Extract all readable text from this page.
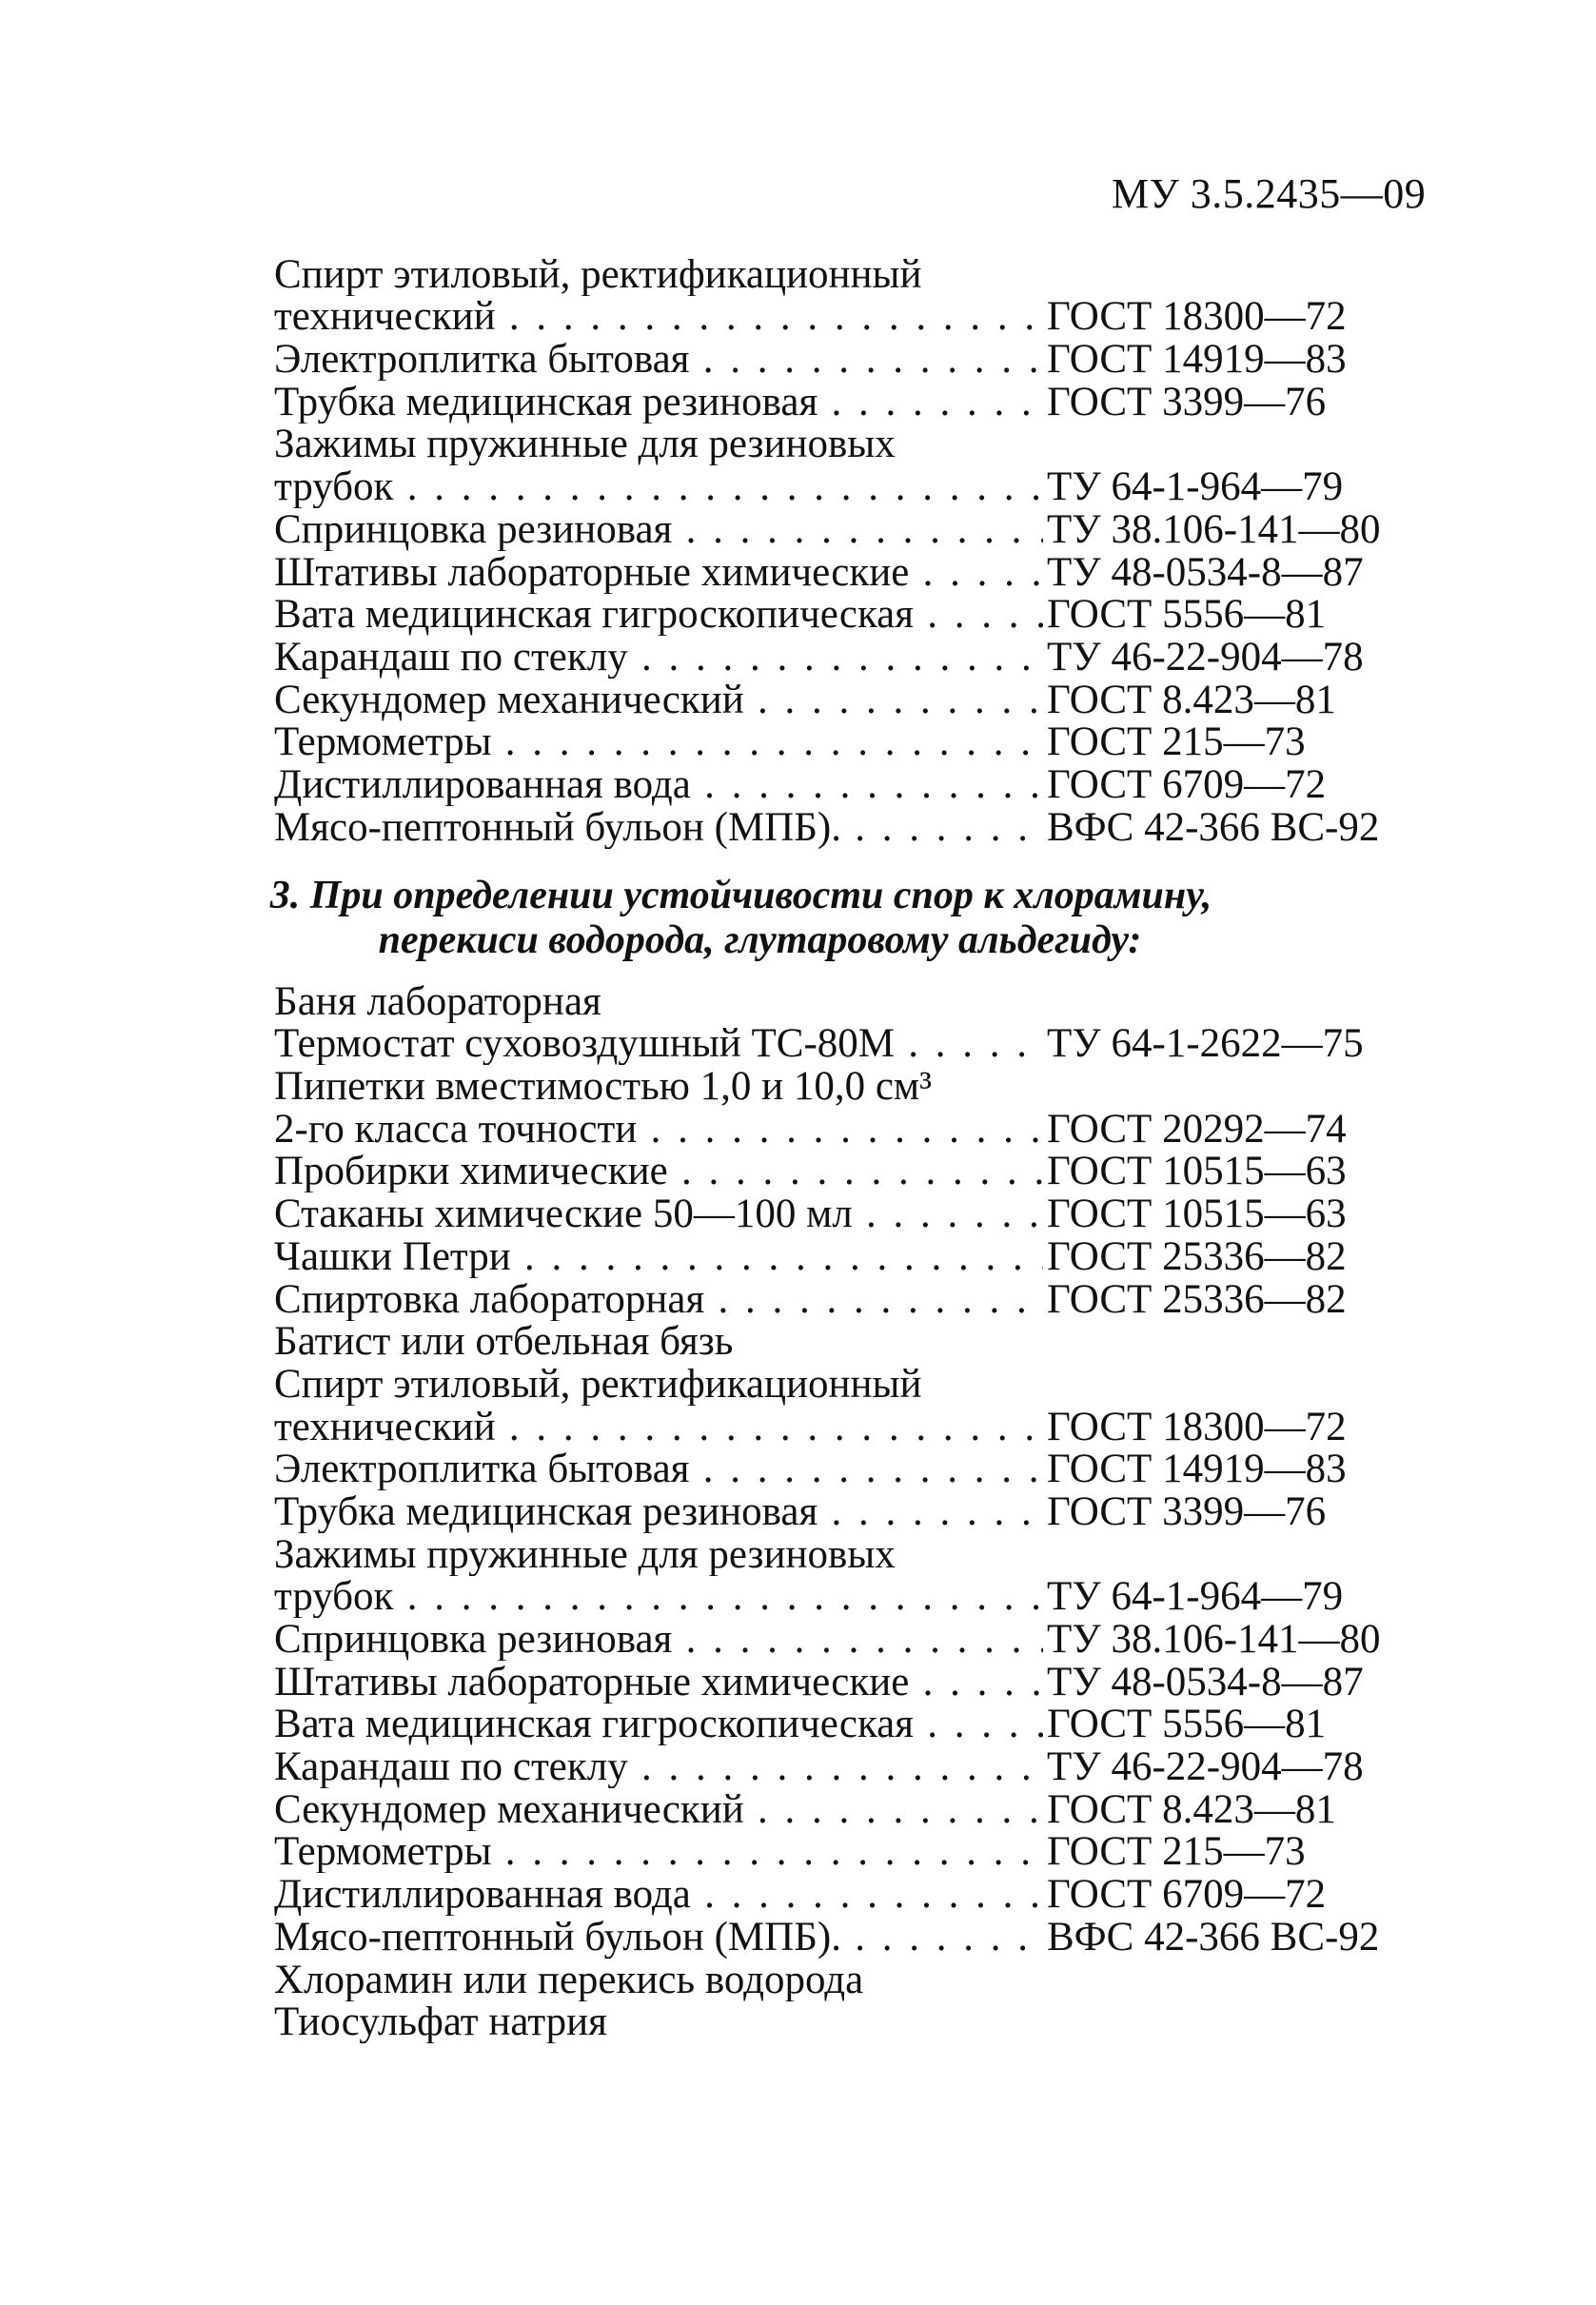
МУ 3.5.2435—09
Спирт этиловый, ректификационный
технический . . .	ГОСТ 18300—72
Электроплитка бытовая . . .	ГОСТ 14919—83
Трубка медицинская резиновая . . .	ГОСТ 3399—76
Зажимы пружинные для резиновых
трубок . . .	ТУ 64-1-964—79
Спринцовка резиновая . . .	ТУ 38.106-141—80
Штативы лабораторные химические . . .	ТУ 48-0534-8—87
Вата медицинская гигроскопическая . . .	ГОСТ 5556—81
Карандаш по стеклу . . .	ТУ 46-22-904—78
Секундомер механический . . .	ГОСТ 8.423—81
Термометры . . .	ГОСТ 215—73
Дистиллированная вода . . .	ГОСТ 6709—72
Мясо-пептонный бульон (МПБ). . . .	ВФС 42-366 ВС-92
3. При определении устойчивости спор к хлорамину,
перекиси водорода, глутаровому альдегиду:
Баня лабораторная
Термостат суховоздушный ТС-80М . . .	ТУ 64-1-2622—75
Пипетки вместимостью 1,0 и 10,0 см³
2-го класса точности . . .	ГОСТ 20292—74
Пробирки химические . . .	ГОСТ 10515—63
Стаканы химические 50—100 мл . . .	ГОСТ 10515—63
Чашки Петри . . .	ГОСТ 25336—82
Спиртовка лабораторная . . .	ГОСТ 25336—82
Батист или отбельная бязь
Спирт этиловый, ректификационный
технический . . .	ГОСТ 18300—72
Электроплитка бытовая . . .	ГОСТ 14919—83
Трубка медицинская резиновая . . .	ГОСТ 3399—76
Зажимы пружинные для резиновых
трубок . . .	ТУ 64-1-964—79
Спринцовка резиновая . . .	ТУ 38.106-141—80
Штативы лабораторные химические . . .	ТУ 48-0534-8—87
Вата медицинская гигроскопическая . . .	ГОСТ 5556—81
Карандаш по стеклу . . .	ТУ 46-22-904—78
Секундомер механический . . .	ГОСТ 8.423—81
Термометры . . .	ГОСТ 215—73
Дистиллированная вода . . .	ГОСТ 6709—72
Мясо-пептонный бульон (МПБ). . . .	ВФС 42-366 ВС-92
Хлорамин или перекись водорода
Тиосульфат натрия
